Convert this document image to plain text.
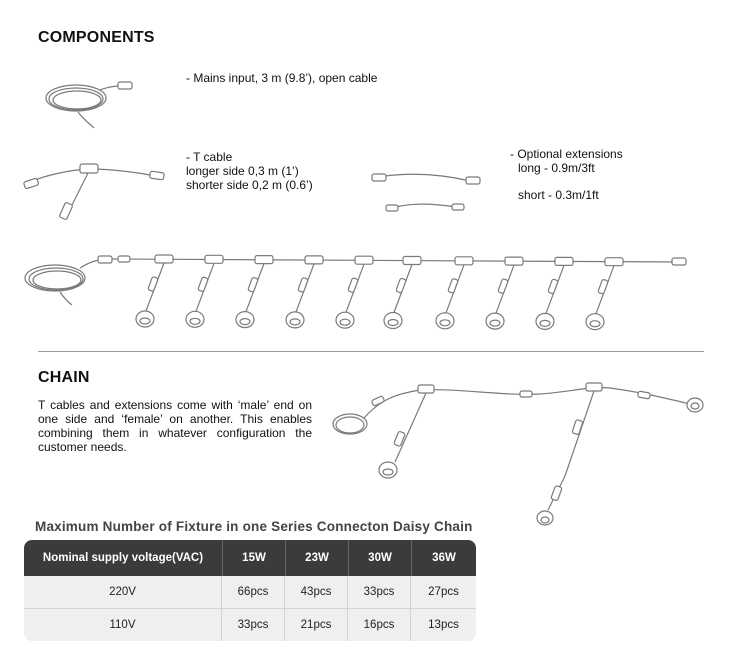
COMPONENTS
- Mains input, 3 m (9.8’), open cable
- T cable
longer side 0,3 m (1’)
shorter side 0,2 m (0.6’)
- Optional extensions
long - 0.9m/3ft
short - 0.3m/1ft
CHAIN
T cables and extensions come with ‘male’ end on one side and ‘female’ on another. This enables combining them in whatever configuration the customer needs.
Maximum Number of Fixture in one Series Connecton Daisy Chain
Nominal supply voltage(VAC)	15W	23W	30W	36W
220V	66pcs	43pcs	33pcs	27pcs
110V	33pcs	21pcs	16pcs	13pcs
